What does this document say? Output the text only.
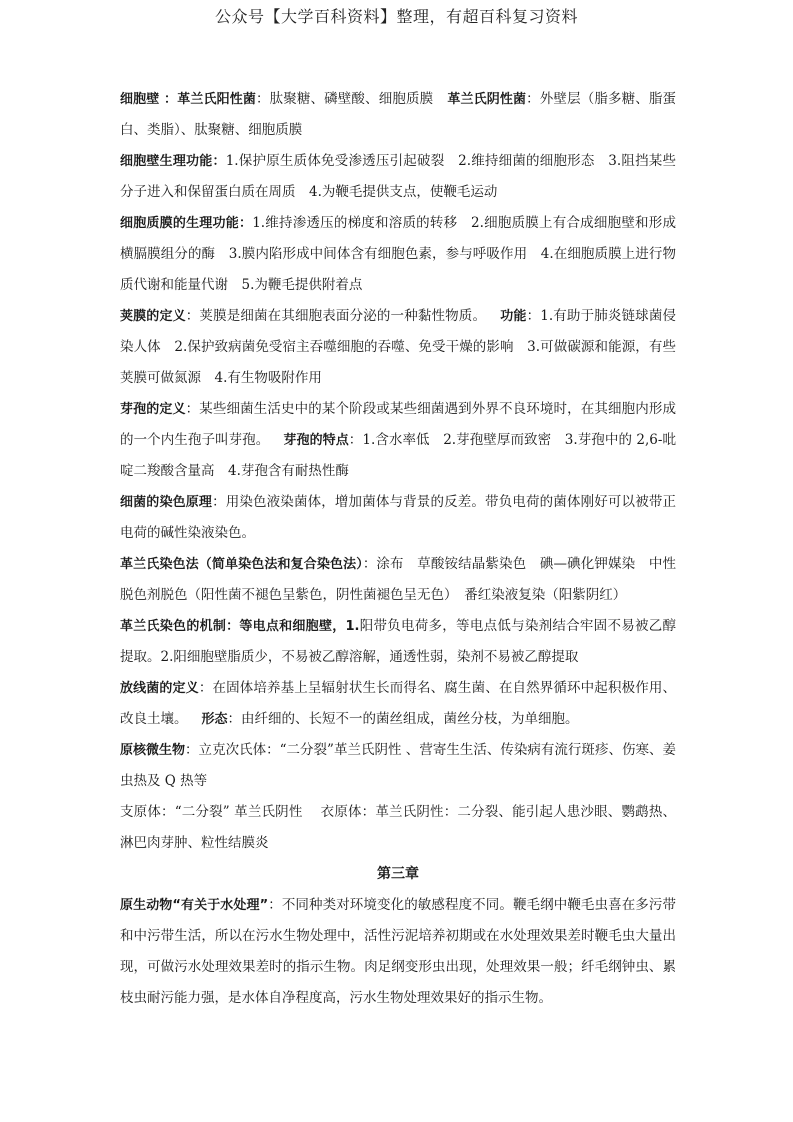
公众号【大学百科资料】整理，有超百科复习资料

细胞壁 ：革兰氏阳性菌：肽聚糖、磷壁酸、细胞质膜 革兰氏阴性菌：外壁层（脂多糖、脂蛋白、类脂）、肽聚糖、细胞质膜

细胞壁生理功能：1.保护原生质体免受渗透压引起破裂　2.维持细菌的细胞形态　3.阻挡某些分子进入和保留蛋白质在周质　4.为鞭毛提供支点，使鞭毛运动

细胞质膜的生理功能：1.维持渗透压的梯度和溶质的转移　2.细胞质膜上有合成细胞壁和形成横膈膜组分的酶　3.膜内陷形成中间体含有细胞色素，参与呼吸作用　4.在细胞质膜上进行物质代谢和能量代谢　5.为鞭毛提供附着点

荚膜的定义：荚膜是细菌在其细胞表面分泌的一种黏性物质。 功能：1.有助于肺炎链球菌侵染人体　2.保护致病菌免受宿主吞噬细胞的吞噬、免受干燥的影响　3.可做碳源和能源，有些荚膜可做氮源　4.有生物吸附作用

芽孢的定义：某些细菌生活史中的某个阶段或某些细菌遇到外界不良环境时，在其细胞内形成的一个内生孢子叫芽孢。 芽孢的特点：1.含水率低　2.芽孢壁厚而致密　3.芽孢中的 2,6-吡啶二羧酸含量高　4.芽孢含有耐热性酶

细菌的染色原理：用染色液染菌体，增加菌体与背景的反差。带负电荷的菌体刚好可以被带正电荷的碱性染液染色。

革兰氏染色法（简单染色法和复合染色法）：涂布　草酸铵结晶紫染色　碘—碘化钾媒染　中性脱色剂脱色（阳性菌不褪色呈紫色，阴性菌褪色呈无色）　番红染液复染（阳紫阴红）

革兰氏染色的机制：等电点和细胞壁，1.阳带负电荷多，等电点低与染剂结合牢固不易被乙醇提取。2.阳细胞壁脂质少，不易被乙醇溶解，通透性弱，染剂不易被乙醇提取

放线菌的定义：在固体培养基上呈辐射状生长而得名、腐生菌、在自然界循环中起积极作用、改良土壤。 形态：由纤细的、长短不一的菌丝组成，菌丝分枝，为单细胞。

原核微生物：立克次氏体：“二分裂”革兰氏阴性 、营寄生生活、传染病有流行斑疹、伤寒、姜虫热及 Q 热等

支原体：“二分裂” 革兰氏阴性　 衣原体：革兰氏阴性：二分裂、能引起人患沙眼、鹦鹉热、淋巴肉芽肿、粒性结膜炎

第三章

原生动物“有关于水处理”：不同种类对环境变化的敏感程度不同。鞭毛纲中鞭毛虫喜在多污带和中污带生活，所以在污水生物处理中，活性污泥培养初期或在水处理效果差时鞭毛虫大量出现，可做污水处理效果差时的指示生物。肉足纲变形虫出现，处理效果一般；纤毛纲钟虫、累枝虫耐污能力强，是水体自净程度高，污水生物处理效果好的指示生物。
